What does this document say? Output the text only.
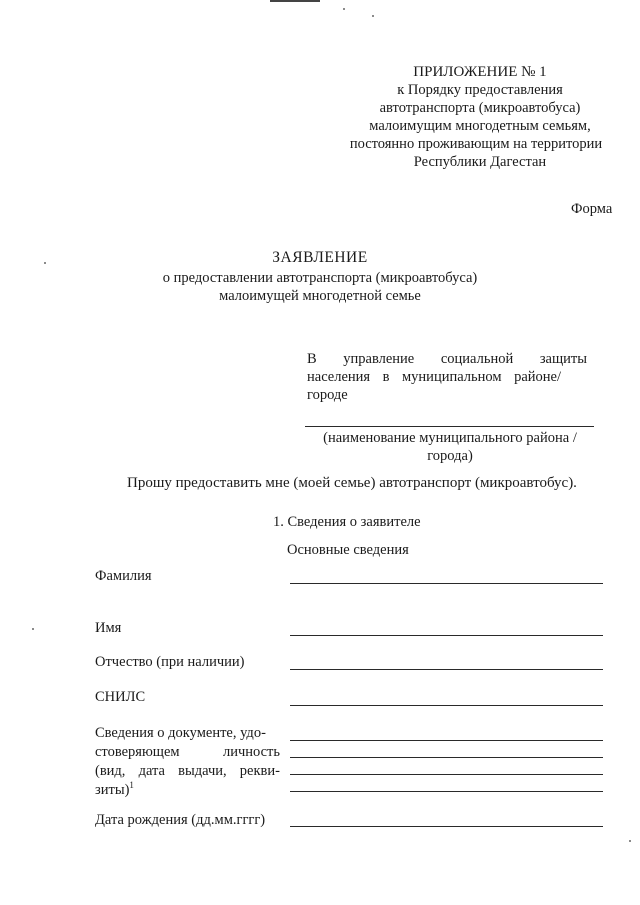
ПРИЛОЖЕНИЕ № 1
к Порядку предоставления
автотранспорта (микроавтобуса)
малоимущим многодетным семьям,
постоянно проживающим на территории
Республики Дагестан
Форма
ЗАЯВЛЕНИЕ
о предоставлении автотранспорта (микроавтобуса)
малоимущей многодетной семье
В управление социальной защиты
населения в муниципальном районе/
городе
(наименование муниципального района /
города)
Прошу предоставить мне (моей семье) автотранспорт (микроавтобус).
1. Сведения о заявителе
Основные сведения
Фамилия
Имя
Отчество (при наличии)
СНИЛС
Сведения о документе, удо-
стоверяющем	личность
(вид, дата выдачи, рекви-
зиты)$^1$
Дата рождения (дд.мм.гггг)
